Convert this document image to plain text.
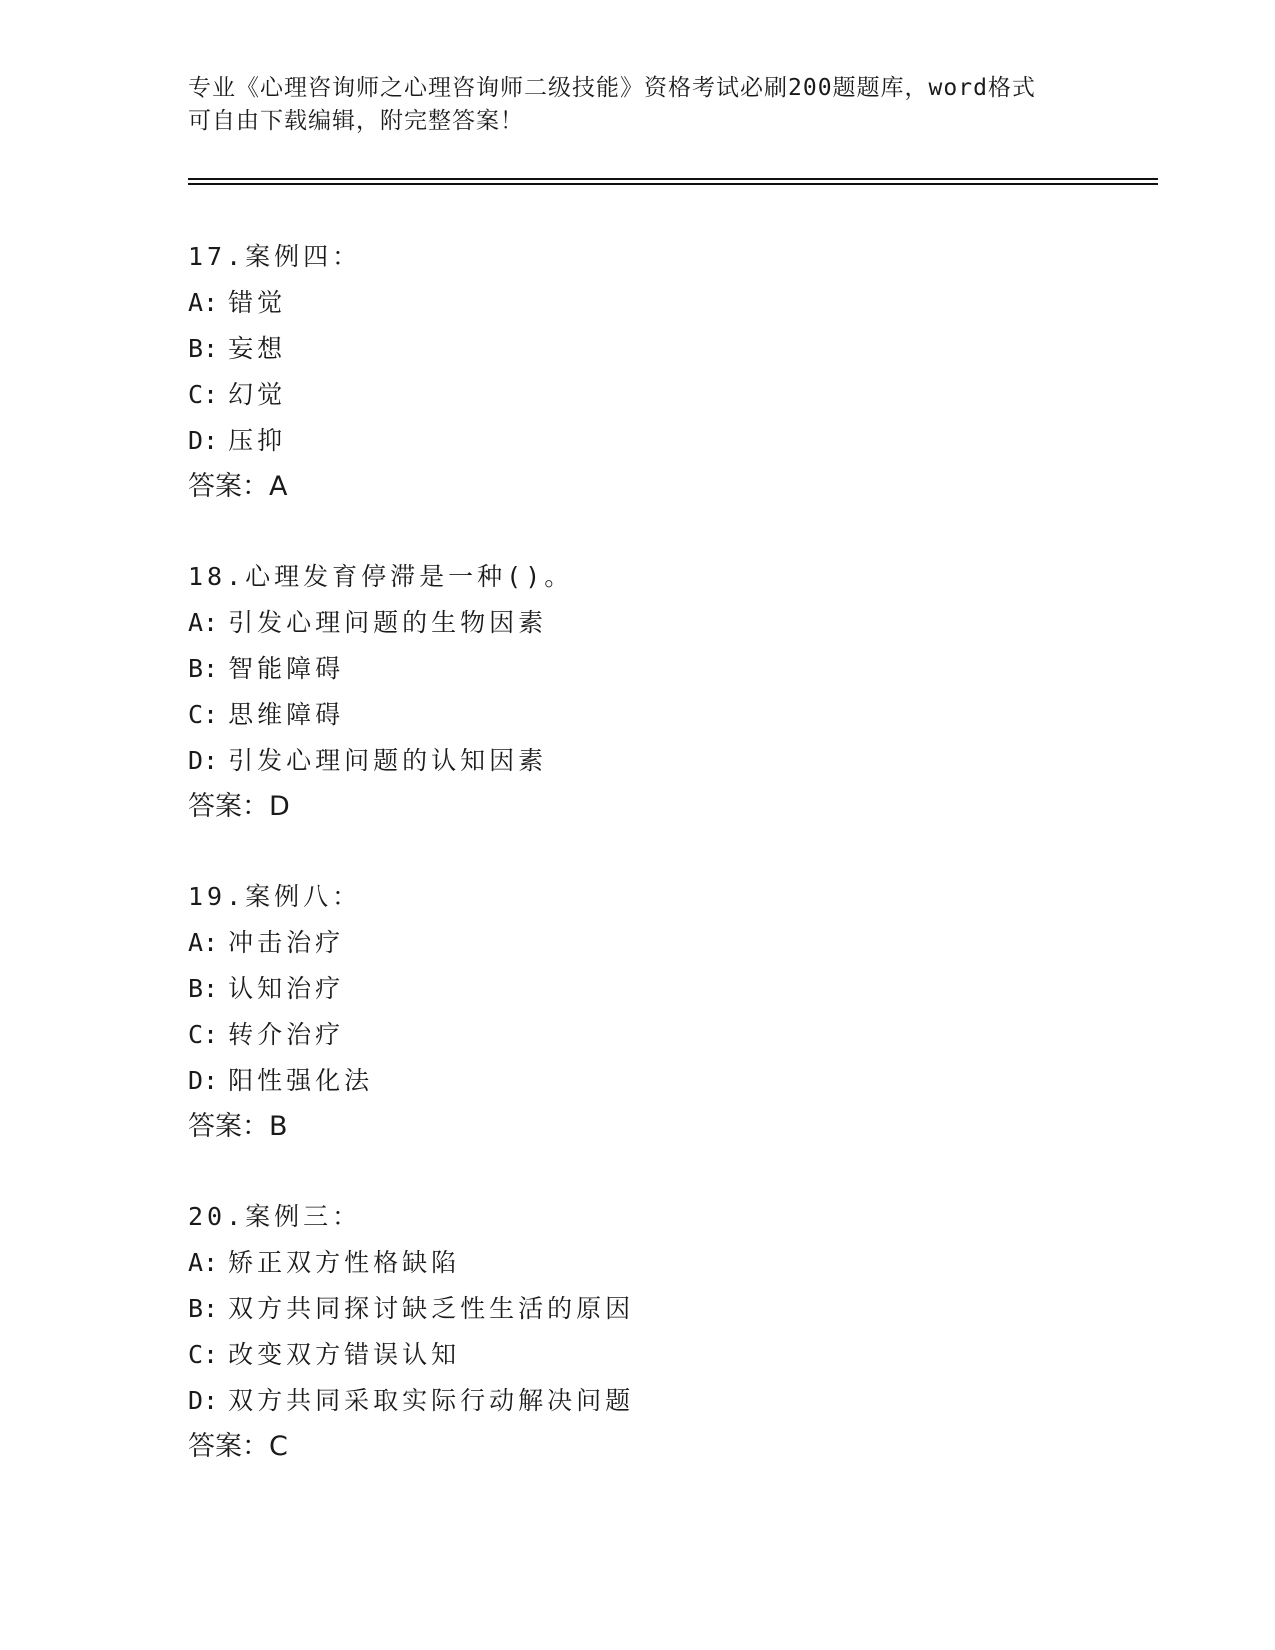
专业《心理咨询师之心理咨询师二级技能》资格考试必刷200题题库，word格式
可自由下载编辑，附完整答案！
17.案例四：
A: 错觉
B: 妄想
C: 幻觉
D: 压抑
答案：A
18.心理发育停滞是一种()。
A: 引发心理问题的生物因素
B: 智能障碍
C: 思维障碍
D: 引发心理问题的认知因素
答案：D
19.案例八：
A: 冲击治疗
B: 认知治疗
C: 转介治疗
D: 阳性强化法
答案：B
20.案例三：
A: 矫正双方性格缺陷
B: 双方共同探讨缺乏性生活的原因
C: 改变双方错误认知
D: 双方共同采取实际行动解决问题
答案：C
